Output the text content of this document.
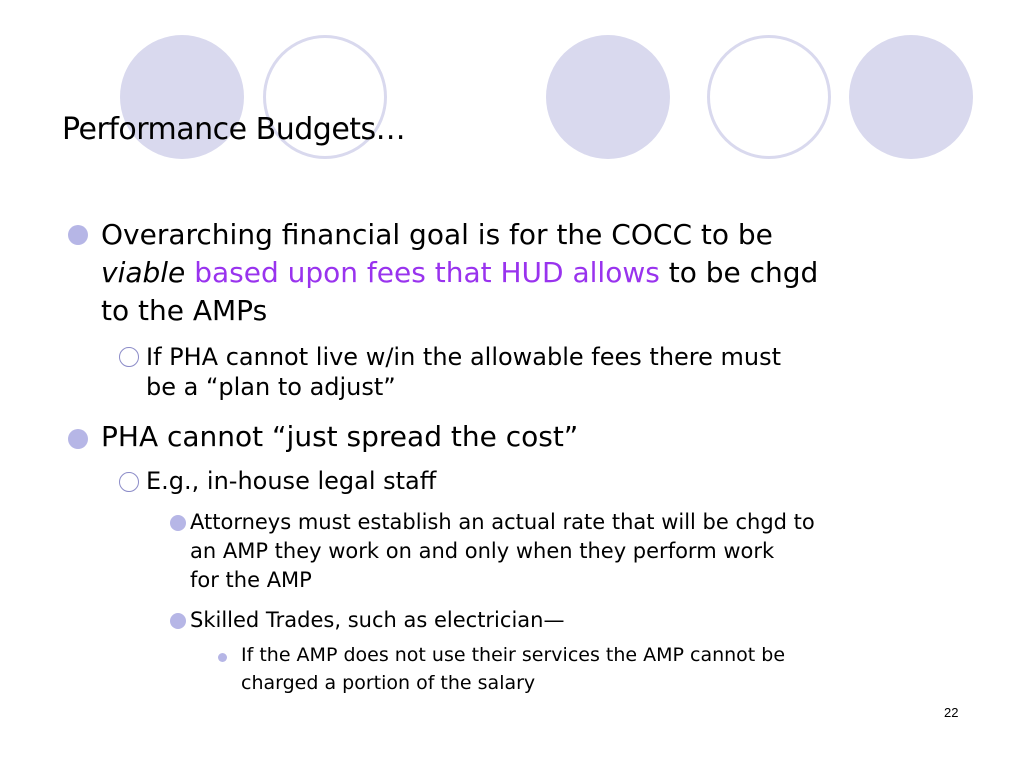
Performance Budgets…
Overarching financial goal is for the COCC to be
viable based upon fees that HUD allows to be chgd
to the AMPs
If PHA cannot live w/in the allowable fees there must
be a “plan to adjust”
PHA cannot “just spread the cost”
E.g., in-house legal staff
Attorneys must establish an actual rate that will be chgd to
an AMP they work on and only when they perform work
for the AMP
Skilled Trades, such as electrician—
If the AMP does not use their services the AMP cannot be
charged a portion of the salary
22
